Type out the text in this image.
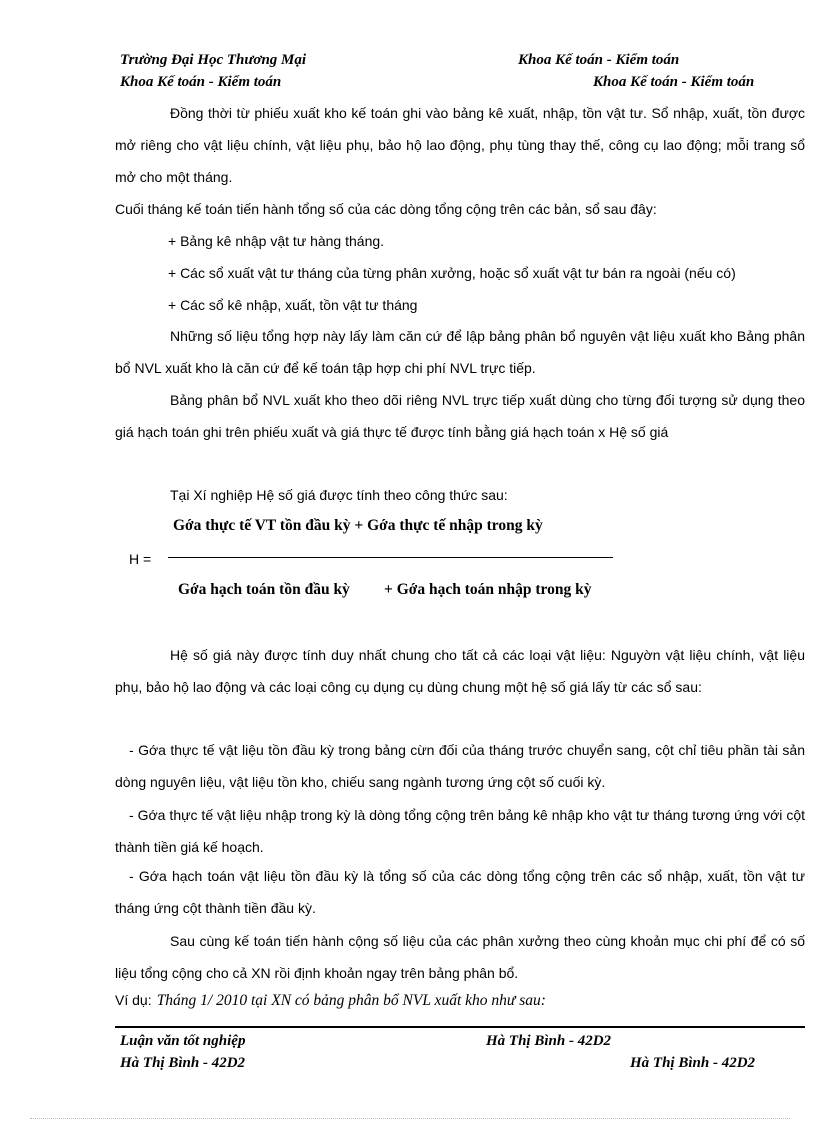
Trường Đại Học Thương Mại	Khoa Kế toán - Kiểm toán
Khoa Kế toán - Kiểm toán	Khoa Kế toán - Kiểm toán

Đồng thời từ phiếu xuất kho kế toán ghi vào bảng kê xuất, nhập, tồn vật tư. Sổ nhập, xuất, tồn được mở riêng cho vật liệu chính, vật liệu phụ, bảo hộ lao động, phụ tùng thay thế, công cụ lao động; mỗi trang sổ mở cho một tháng.

Cuối tháng kế toán tiến hành tổng số của các dòng tổng cộng trên các bản, sổ sau đây:

+ Bảng kê nhập vật tư hàng tháng.
+ Các sổ xuất vật tư tháng của từng phân xưởng, hoặc sổ xuất vật tư bán ra ngoài (nếu có)
+ Các sổ kê nhập, xuất, tồn vật tư tháng

Những số liệu tổng hợp này lấy làm căn cứ để lập bảng phân bổ nguyên vật liệu xuất kho Bảng phân bổ NVL xuất kho là căn cứ để kế toán tập hợp chi phí NVL trực tiếp.

Bảng phân bổ NVL xuất kho theo dõi riêng NVL trực tiếp xuất dùng cho từng đối tượng sử dụng theo giá hạch toán ghi trên phiếu xuất và giá thực tế được tính bằng giá hạch toán x Hệ số giá

Tại Xí nghiệp Hệ số giá được tính theo công thức sau:
Gớa thực tế VT tồn đầu kỳ + Gớa thực tế nhập trong kỳ
H =
Gớa hạch toán tồn đầu kỳ + Gớa hạch toán nhập trong kỳ

Hệ số giá này được tính duy nhất chung cho tất cả các loại vật liệu: Nguyờn vật liệu chính, vật liệu phụ, bảo hộ lao động và các loại công cụ dụng cụ dùng chung một hệ số giá lấy từ các sổ sau:

- Gớa thực tế vật liệu tồn đầu kỳ trong bảng cừn đối của tháng trước chuyển sang, cột chỉ tiêu phần tài sản dòng nguyên liệu, vật liệu tồn kho, chiếu sang ngành tương ứng cột số cuối kỳ.

- Gớa thực tế vật liệu nhập trong kỳ là dòng tổng cộng trên bảng kê nhập kho vật tư tháng tương ứng với cột thành tiền giá kế hoạch.

- Gớa hạch toán vật liệu tồn đầu kỳ là tổng số của các dòng tổng cộng trên các sổ nhập, xuất, tồn vật tư tháng ứng cột thành tiền đầu kỳ.

Sau cùng kế toán tiến hành cộng số liệu của các phân xưởng theo cùng khoản mục chi phí để có số liệu tổng cộng cho cả XN rồi định khoản ngay trên bảng phân bổ.

Ví dụ: Tháng 1/ 2010 tại XN có bảng phân bổ NVL xuất kho như sau:
Luận văn tốt nghiệp	Hà Thị Bình - 42D2
Hà Thị Bình - 42D2	Hà Thị Bình - 42D2
